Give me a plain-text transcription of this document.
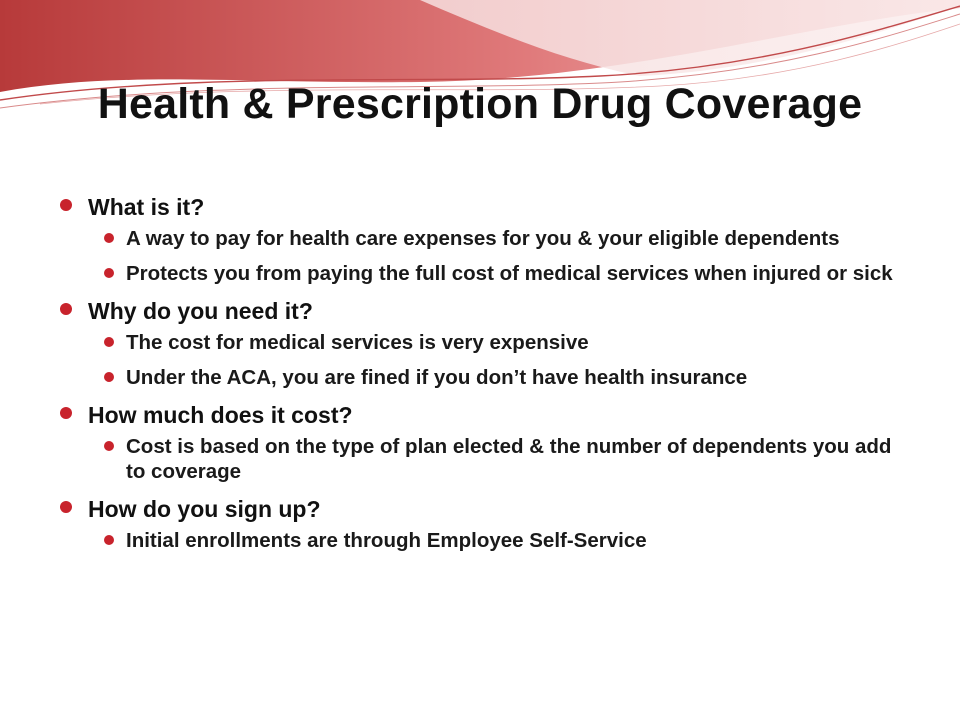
Health & Prescription Drug Coverage
What is it?
A way to pay for health care expenses for you & your eligible dependents
Protects you from paying the full cost of medical services when injured or sick
Why do you need it?
The cost for medical services is very expensive
Under the ACA, you are fined if you don’t have health insurance
How much does it cost?
Cost is based on the type of plan elected & the number of dependents you add to coverage
How do you sign up?
Initial enrollments are through Employee Self-Service
